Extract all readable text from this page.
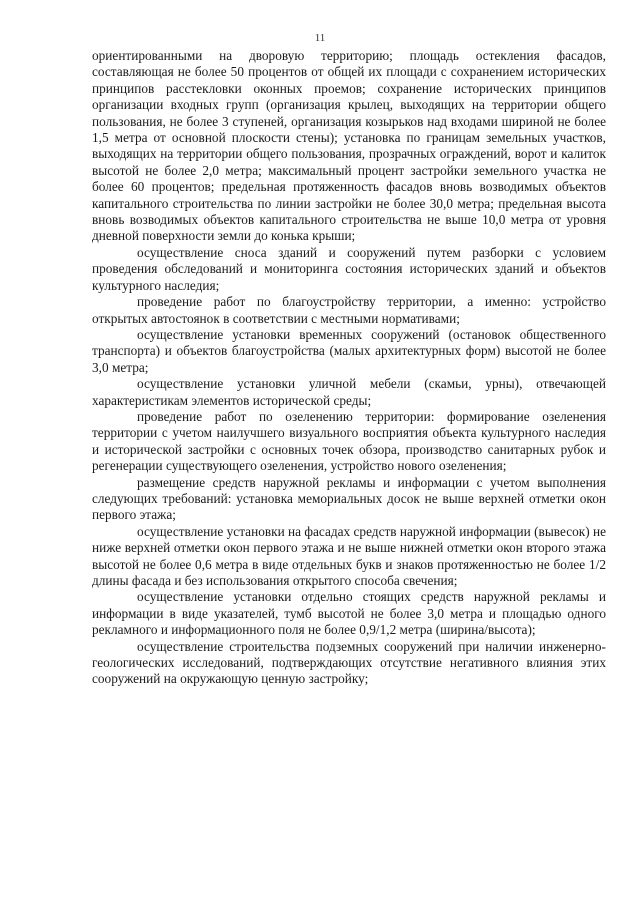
11

ориентированными на дворовую территорию; площадь остекления фасадов, составляющая не более 50 процентов от общей их площади с сохранением исторических принципов расстекловки оконных проемов; сохранение исторических принципов организации входных групп (организация крылец, выходящих на территории общего пользования, не более 3 ступеней, организация козырьков над входами шириной не более 1,5 метра от основной плоскости стены); установка по границам земельных участков, выходящих на территории общего пользования, прозрачных ограждений, ворот и калиток высотой не более 2,0 метра; максимальный процент застройки земельного участка не более 60 процентов; предельная протяженность фасадов вновь возводимых объектов капитального строительства по линии застройки не более 30,0 метра; предельная высота вновь возводимых объектов капитального строительства не выше 10,0 метра от уровня дневной поверхности земли до конька крыши;

осуществление сноса зданий и сооружений путем разборки с условием проведения обследований и мониторинга состояния исторических зданий и объектов культурного наследия;

проведение работ по благоустройству территории, а именно: устройство открытых автостоянок в соответствии с местными нормативами;

осуществление установки временных сооружений (остановок общественного транспорта) и объектов благоустройства (малых архитектурных форм) высотой не более 3,0 метра;

осуществление установки уличной мебели (скамьи, урны), отвечающей характеристикам элементов исторической среды;

проведение работ по озеленению территории: формирование озеленения территории с учетом наилучшего визуального восприятия объекта культурного наследия и исторической застройки с основных точек обзора, производство санитарных рубок и регенерации существующего озеленения, устройство нового озеленения;

размещение средств наружной рекламы и информации с учетом выполнения следующих требований: установка мемориальных досок не выше верхней отметки окон первого этажа;

осуществление установки на фасадах средств наружной информации (вывесок) не ниже верхней отметки окон первого этажа и не выше нижней отметки окон второго этажа высотой не более 0,6 метра в виде отдельных букв и знаков протяженностью не более 1/2 длины фасада и без использования открытого способа свечения;

осуществление установки отдельно стоящих средств наружной рекламы и информации в виде указателей, тумб высотой не более 3,0 метра и площадью одного рекламного и информационного поля не более 0,9/1,2 метра (ширина/высота);

осуществление строительства подземных сооружений при наличии инженерно-геологических исследований, подтверждающих отсутствие негативного влияния этих сооружений на окружающую ценную застройку;
